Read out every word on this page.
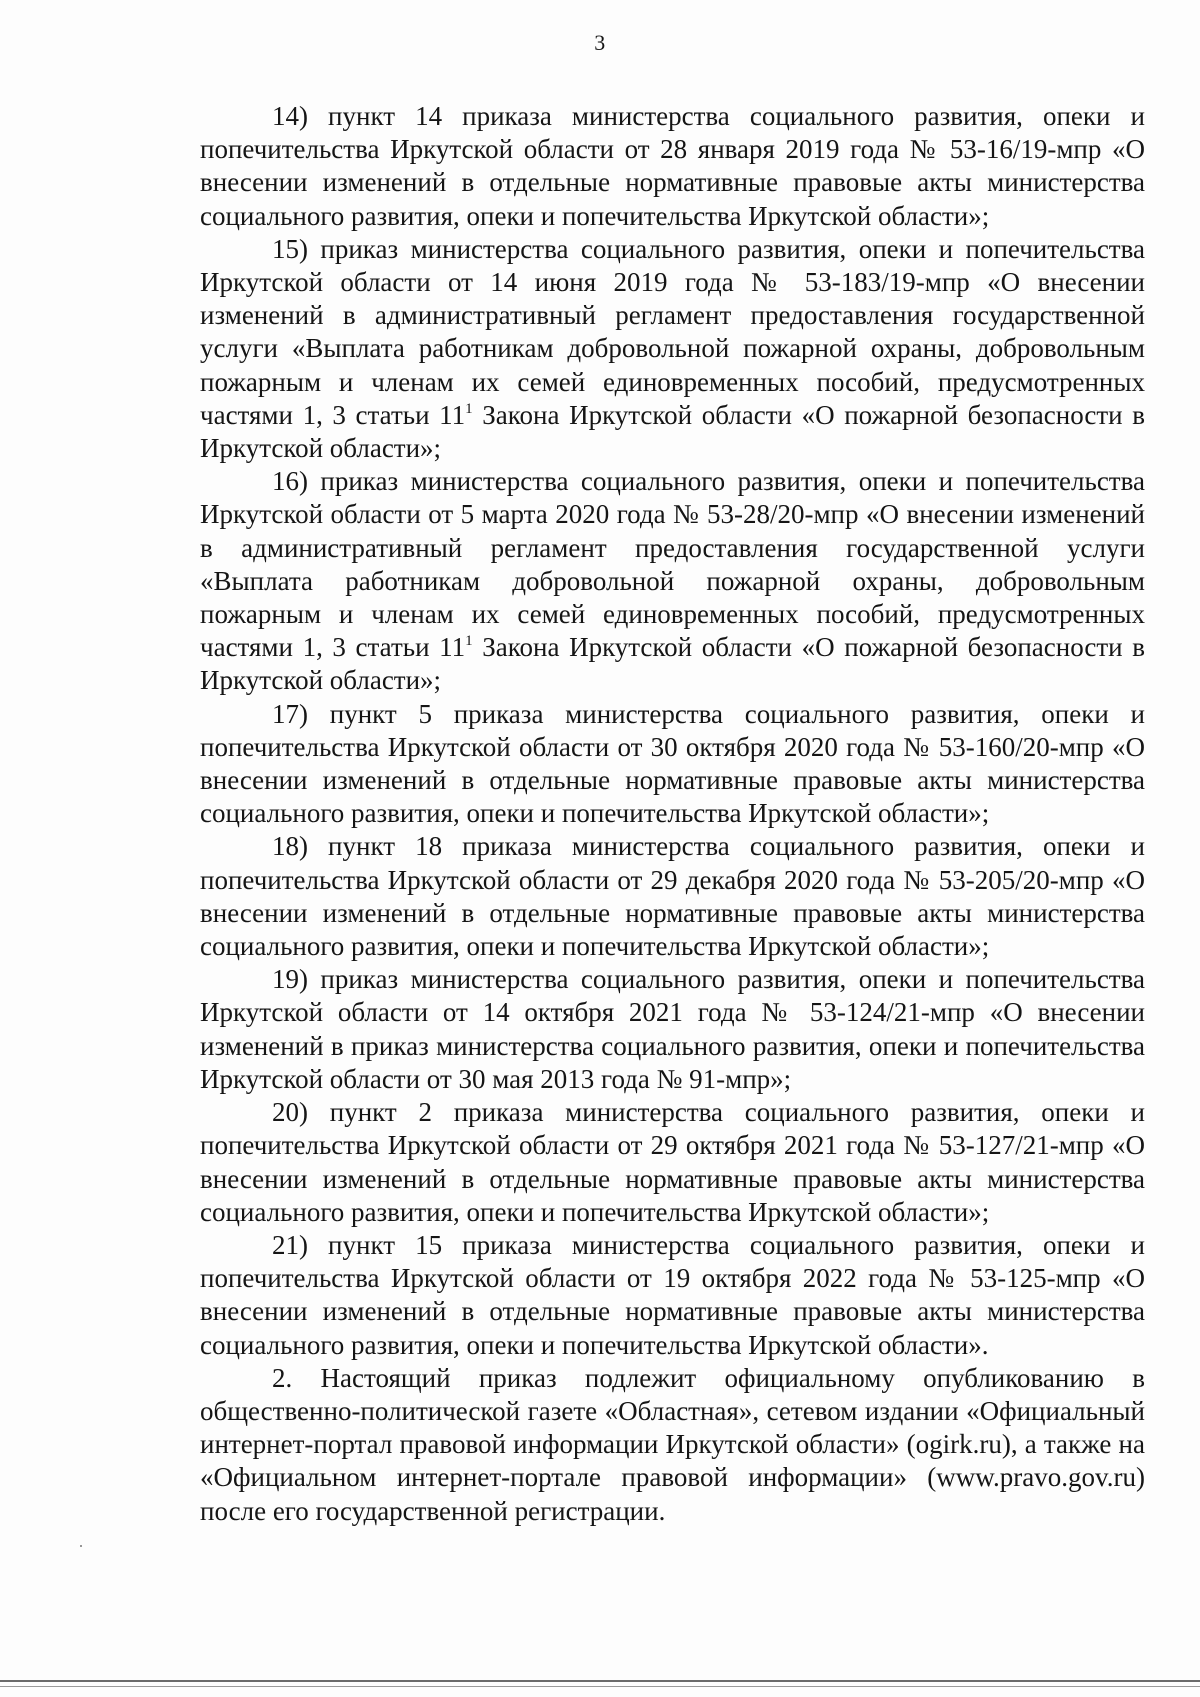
3

14) пункт 14 приказа министерства социального развития, опеки и попечительства Иркутской области от 28 января 2019 года № 53-16/19-мпр «О внесении изменений в отдельные нормативные правовые акты министерства социального развития, опеки и попечительства Иркутской области»;

15) приказ министерства социального развития, опеки и попечительства Иркутской области от 14 июня 2019 года № 53-183/19-мпр «О внесении изменений в административный регламент предоставления государственной услуги «Выплата работникам добровольной пожарной охраны, добровольным пожарным и членам их семей единовременных пособий, предусмотренных частями 1, 3 статьи $11^1$ Закона Иркутской области «О пожарной безопасности в Иркутской области»;

16) приказ министерства социального развития, опеки и попечительства Иркутской области от 5 марта 2020 года № 53-28/20-мпр «О внесении изменений в административный регламент предоставления государственной услуги «Выплата работникам добровольной пожарной охраны, добровольным пожарным и членам их семей единовременных пособий, предусмотренных частями 1, 3 статьи $11^1$ Закона Иркутской области «О пожарной безопасности в Иркутской области»;

17) пункт 5 приказа министерства социального развития, опеки и попечительства Иркутской области от 30 октября 2020 года № 53-160/20-мпр «О внесении изменений в отдельные нормативные правовые акты министерства социального развития, опеки и попечительства Иркутской области»;

18) пункт 18 приказа министерства социального развития, опеки и попечительства Иркутской области от 29 декабря 2020 года № 53-205/20-мпр «О внесении изменений в отдельные нормативные правовые акты министерства социального развития, опеки и попечительства Иркутской области»;

19) приказ министерства социального развития, опеки и попечительства Иркутской области от 14 октября 2021 года № 53-124/21-мпр «О внесении изменений в приказ министерства социального развития, опеки и попечительства Иркутской области от 30 мая 2013 года № 91-мпр»;

20) пункт 2 приказа министерства социального развития, опеки и попечительства Иркутской области от 29 октября 2021 года № 53-127/21-мпр «О внесении изменений в отдельные нормативные правовые акты министерства социального развития, опеки и попечительства Иркутской области»;

21) пункт 15 приказа министерства социального развития, опеки и попечительства Иркутской области от 19 октября 2022 года № 53-125-мпр «О внесении изменений в отдельные нормативные правовые акты министерства социального развития, опеки и попечительства Иркутской области».

2. Настоящий приказ подлежит официальному опубликованию в общественно-политической газете «Областная», сетевом издании «Официальный интернет-портал правовой информации Иркутской области» (ogirk.ru), а также на «Официальном интернет-портале правовой информации» (www.pravo.gov.ru) после его государственной регистрации.
